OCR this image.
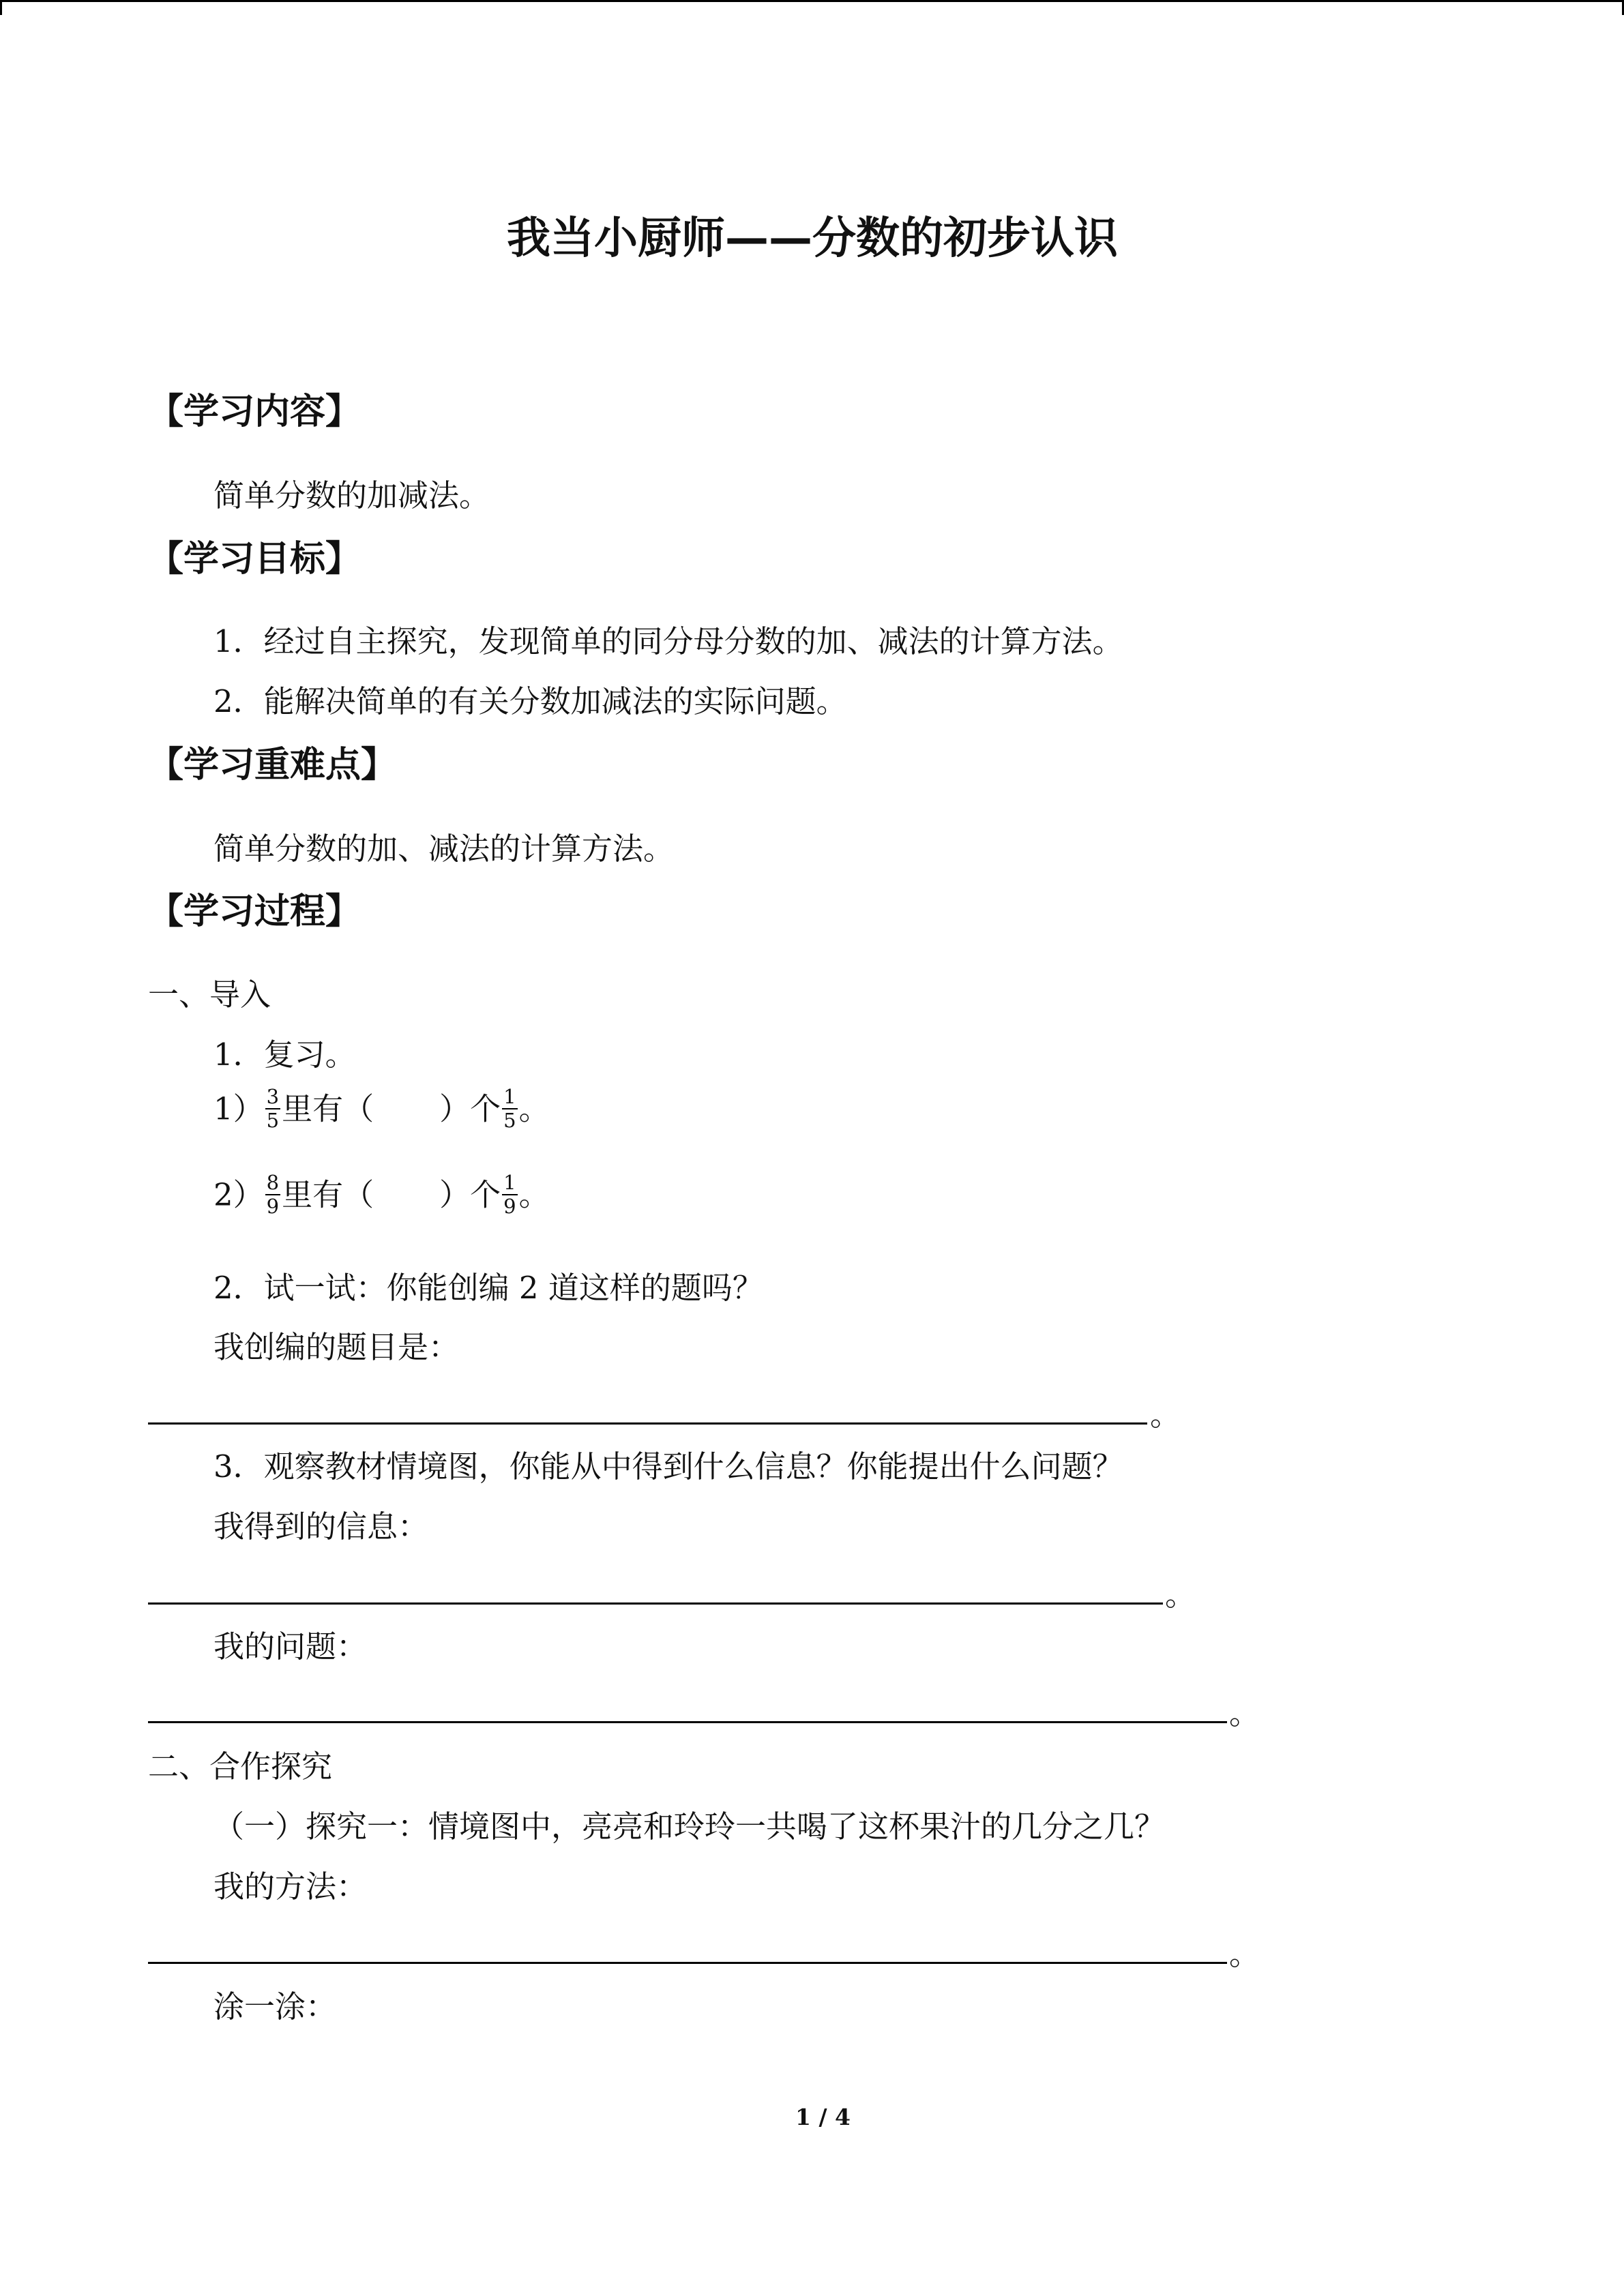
我当小厨师——分数的初步认识
【学习内容】
简单分数的加减法。
【学习目标】
1．经过自主探究，发现简单的同分母分数的加、减法的计算方法。
2．能解决简单的有关分数加减法的实际问题。
【学习重难点】
简单分数的加、减法的计算方法。
【学习过程】
一、导入
1．复习。
$1) \frac{3}{5}$ 里有（ ）个 $\frac{1}{5}$ 。
$2) \frac{8}{9}$ 里有（ ）个 $\frac{1}{9}$ 。
2．试一试：你能创编 2 道这样的题吗？
我创编的题目是：
。
3．观察教材情境图，你能从中得到什么信息？你能提出什么问题？
我得到的信息：
。
我的问题：
。
二、合作探究
（一）探究一：情境图中，亮亮和玲玲一共喝了这杯果汁的几分之几？
我的方法：
。
涂一涂：
1 / 4
